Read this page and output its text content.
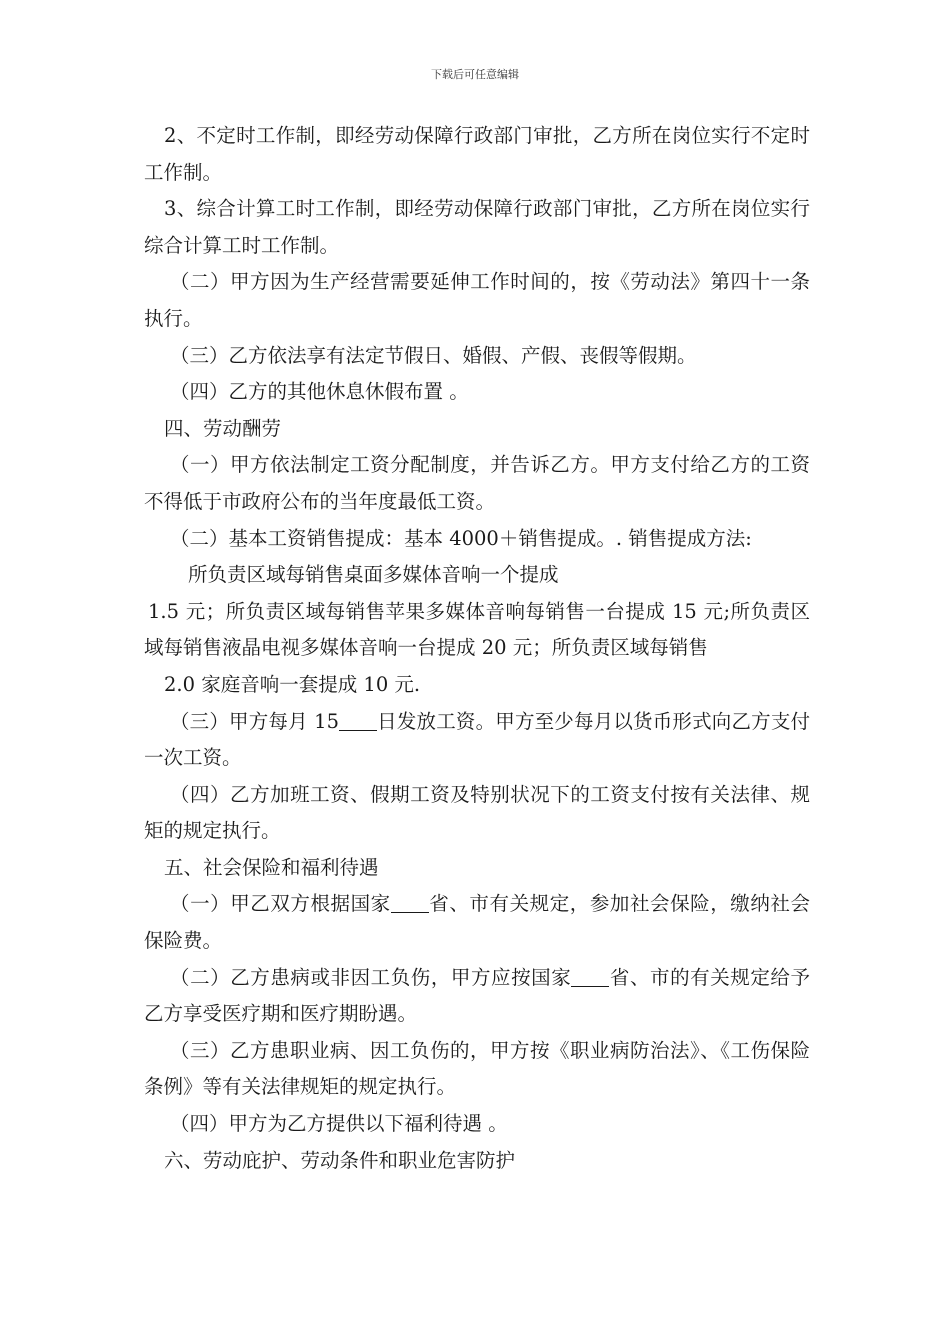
下载后可任意编辑

2、不定时工作制，即经劳动保障行政部门审批，乙方所在岗位实行不定时工作制。

3、综合计算工时工作制，即经劳动保障行政部门审批，乙方所在岗位实行综合计算工时工作制。

（二）甲方因为生产经营需要延伸工作时间的，按《劳动法》第四十一条执行。

（三）乙方依法享有法定节假日、婚假、产假、丧假等假期。

（四）乙方的其他休息休假布置 。

四、劳动酬劳

（一）甲方依法制定工资分配制度，并告诉乙方。甲方支付给乙方的工资不得低于市政府公布的当年度最低工资。

（二）基本工资销售提成：基本 4000＋销售提成。. 销售提成方法:

所负责区域每销售桌面多媒体音响一个提成

1.5 元；所负责区域每销售苹果多媒体音响每销售一台提成 15 元;所负责区域每销售液晶电视多媒体音响一台提成 20 元；所负责区域每销售

2.0 家庭音响一套提成 10 元.

（三）甲方每月 15 日发放工资。甲方至少每月以货币形式向乙方支付一次工资。

（四）乙方加班工资、假期工资及特别状况下的工资支付按有关法律、规矩的规定执行。

五、社会保险和福利待遇

（一）甲乙双方根据国家 省、市有关规定，参加社会保险，缴纳社会保险费。

（二）乙方患病或非因工负伤，甲方应按国家 省、市的有关规定给予乙方享受医疗期和医疗期盼遇。

（三）乙方患职业病、因工负伤的，甲方按《职业病防治法》、《工伤保险条例》等有关法律规矩的规定执行。

（四）甲方为乙方提供以下福利待遇 。

六、劳动庇护、劳动条件和职业危害防护
